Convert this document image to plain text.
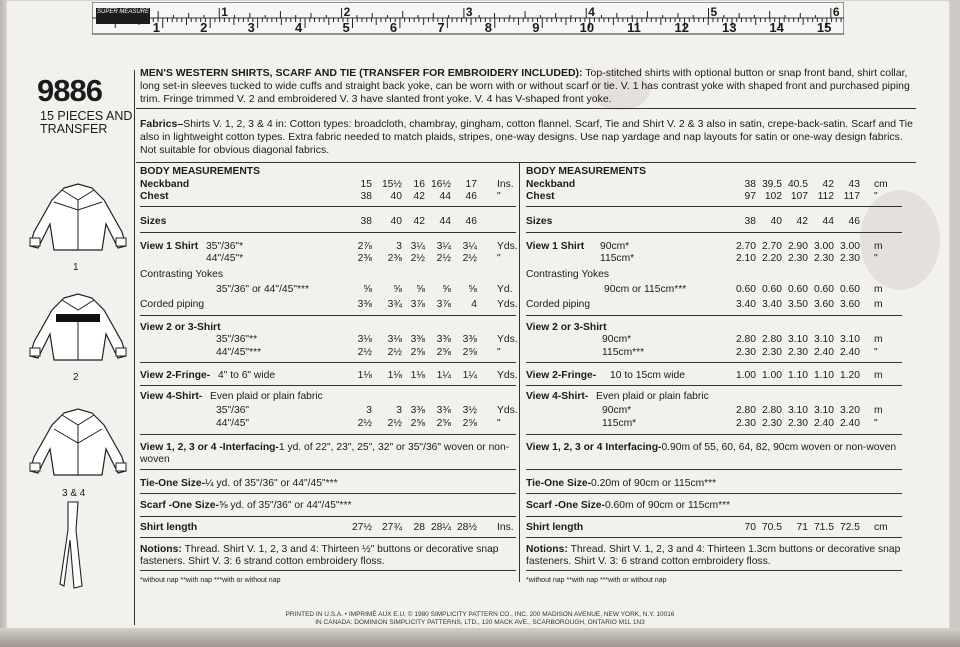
1	2	3	4	5	6
1	2	3	4	5	6	7	8	9	10	11	12	13	14	15
SUPER MEASURE
9886
15 PIECES AND TRANSFER
MEN'S WESTERN SHIRTS, SCARF AND TIE (TRANSFER FOR EMBROIDERY INCLUDED): Top-stitched shirts with optional button or snap front band, shirt collar, long set-in sleeves tucked to wide cuffs and straight back yoke, can be worn with or without scarf or tie. V. 1 has contrast yoke with shaped front and purchased piping trim. Fringe trimmed V. 2 and embroidered V. 3 have slanted front yoke. V. 4 has V-shaped front yoke.
Fabrics–Shirts V. 1, 2, 3 & 4 in: Cotton types: broadcloth, chambray, gingham, cotton flannel. Scarf, Tie and Shirt V. 2 & 3 also in satin, crepe-back-satin. Scarf and Tie also in lightweight cotton types. Extra fabric needed to match plaids, stripes, one-way designs. Use nap yardage and nap layouts for satin or one-way design fabrics. Not suitable for obvious diagonal fabrics.
1
2
3 & 4
BODY MEASUREMENTS
Neckband	15 15½	16 16½	17 Ins.
Chest	38	40	42	44	46 "
Sizes	38	40	42	44	46
View 1 Shirt 35"/36"*	2⅞	3 3¼	3¼	3¼ Yds.
44"/45"*	2⅜	2⅜ 2½	2½	2½ "
Contrasting Yokes
35"/36" or 44"/45"***	⅝	⅝	⅝	⅝	⅝ Yd.
Corded piping	3⅜	3¾ 3⅞	3⅞	4 Yds.
View 2 or 3-Shirt
35"/36"**	3⅛	3⅛ 3⅜	3⅜	3⅜ Yds.
44"/45"***	2½	2½ 2⅝	2⅝	2⅝ "
View 2-Fringe- 4" to 6" wide	1⅛	1⅛ 1⅛	1¼	1¼ Yds.
View 4-Shirt- Even plaid or plain fabric
35"/36"	3	3 3⅜	3⅜	3½ Yds.
44"/45"	2½	2½ 2⅝	2⅝	2⅝ "
View 1, 2, 3 or 4 -Interfacing-1 yd. of 22", 23", 25", 32" or 35"/36" woven or non-woven
Tie-One Size-¼ yd. of 35"/36" or 44"/45"***
Scarf -One Size-⅝ yd. of 35"/36" or 44"/45"***
Shirt length	27½ 27¾	28 28¼ 28½ Ins.
Notions: Thread. Shirt V. 1, 2, 3 and 4: Thirteen ½" buttons or decorative snap fasteners. Shirt V. 3: 6 strand cotton embroidery floss.
*without nap **with nap ***with or without nap
BODY MEASUREMENTS
Neckband	38 39.5 40.5	42	43 cm
Chest	97 102 107 112 117 "
Sizes	38	40	42	44	46
View 1 Shirt 90cm*	2.70 2.70 2.90 3.00 3.00 m
115cm*	2.10 2.20 2.30 2.30 2.30 "
Contrasting Yokes
90cm or 115cm***	0.60 0.60 0.60 0.60 0.60 m
Corded piping	3.40 3.40 3.50 3.60 3.60 m
View 2 or 3-Shirt
90cm*	2.80 2.80 3.10 3.10 3.10 m
115cm***	2.30 2.30 2.30 2.40 2.40 "
View 2-Fringe- 10 to 15cm wide	1.00 1.00 1.10 1.10 1.20 m
View 4-Shirt- Even plaid or plain fabric
90cm*	2.80 2.80 3.10 3.10 3.20 m
115cm*	2.30 2.30 2.30 2.40 2.40 "
View 1, 2, 3 or 4 Interfacing-0.90m of 55, 60, 64, 82, 90cm woven or non-woven
Tie-One Size-0.20m of 90cm or 115cm***
Scarf -One Size-0.60m of 90cm or 115cm***
Shirt length	70 70.5	71 71.5 72.5 cm
Notions: Thread. Shirt V. 1, 2, 3 and 4: Thirteen 1.3cm buttons or decorative snap fasteners. Shirt V. 3: 6 strand cotton embroidery floss.
*without nap **with nap ***with or without nap
PRINTED IN U.S.A. • IMPRIMÉ AUX E.U. © 1980 SIMPLICITY PATTERN CO., INC. 200 MADISON AVENUE, NEW YORK, N.Y. 10016
IN CANADA: DOMINION SIMPLICITY PATTERNS, LTD., 120 MACK AVE., SCARBOROUGH, ONTARIO M1L 1N3
